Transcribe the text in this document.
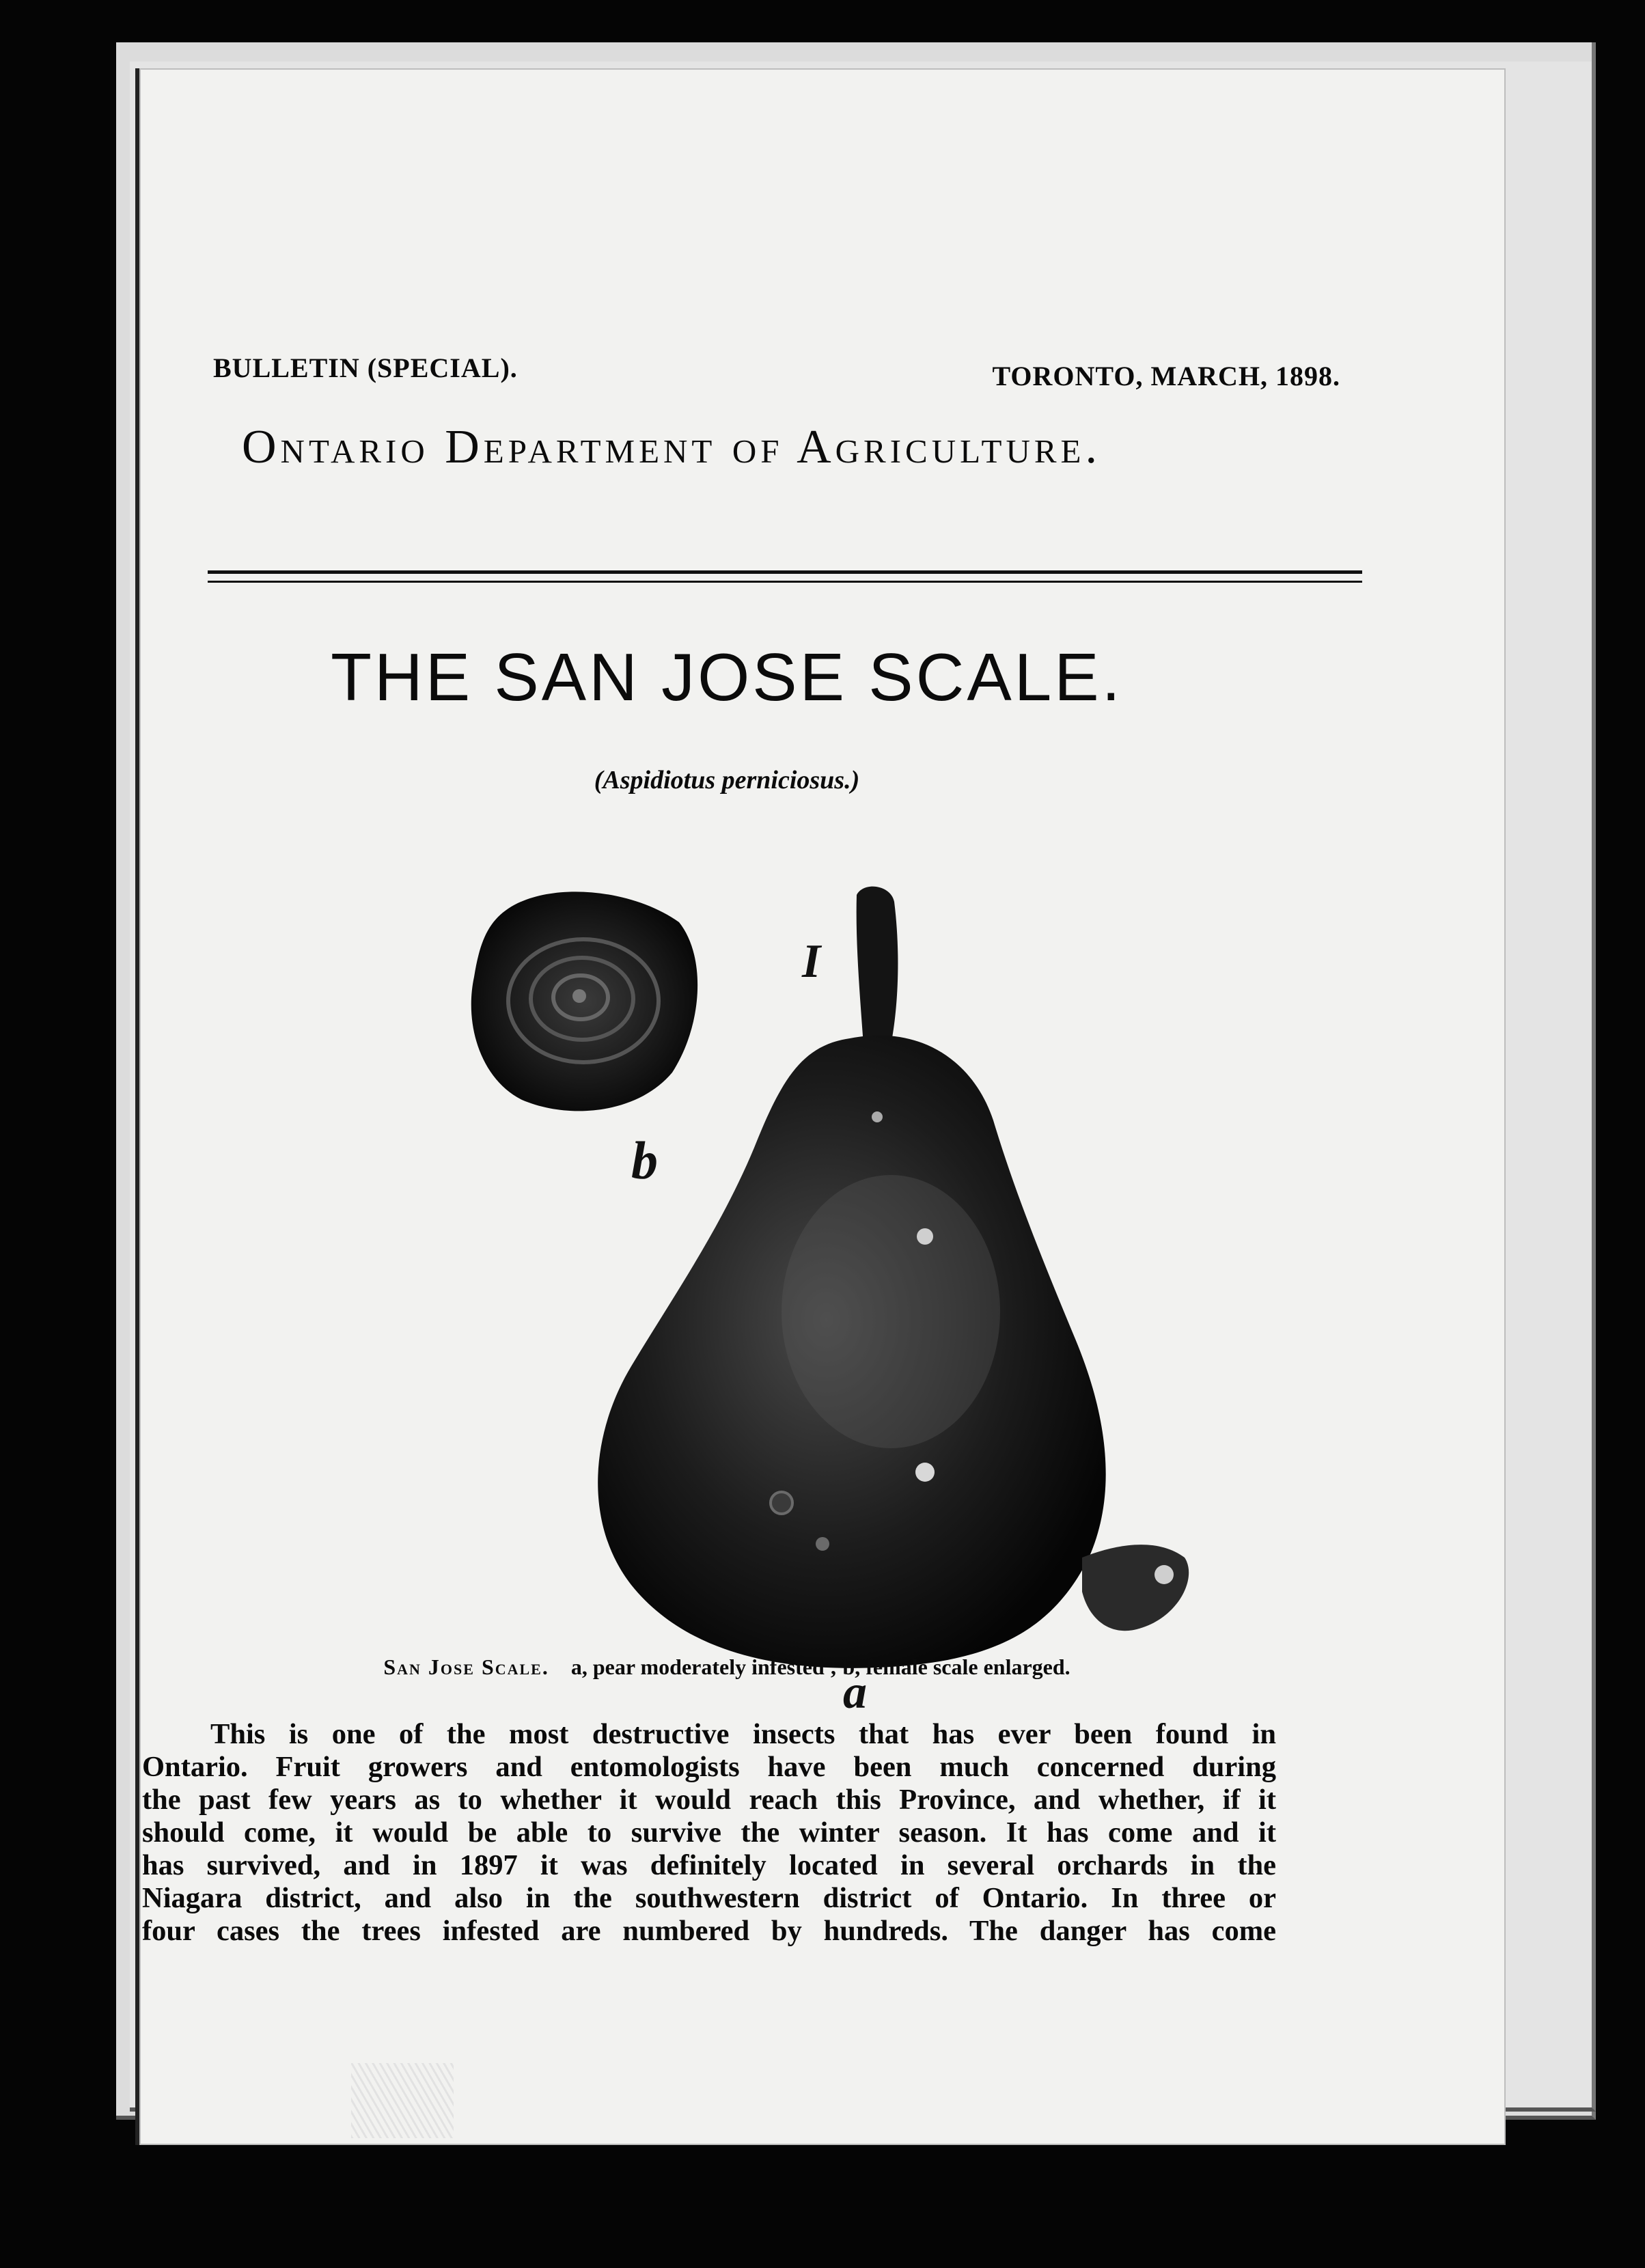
BULLETIN (SPECIAL).	TORONTO, MARCH, 1898.
Ontario Department of Agriculture.
THE SAN JOSE SCALE.
(Aspidiotus perniciosus.)
I
b
a
San Jose Scale. a, pear moderately infested ; b, female scale enlarged.
This is one of the most destructive insects that has ever been found in
Ontario. Fruit growers and entomologists have been much concerned during
the past few years as to whether it would reach this Province, and whether, if it
should come, it would be able to survive the winter season. It has come and it
has survived, and in 1897 it was definitely located in several orchards in the
Niagara district, and also in the southwestern district of Ontario. In three or
four cases the trees infested are numbered by hundreds. The danger has come
